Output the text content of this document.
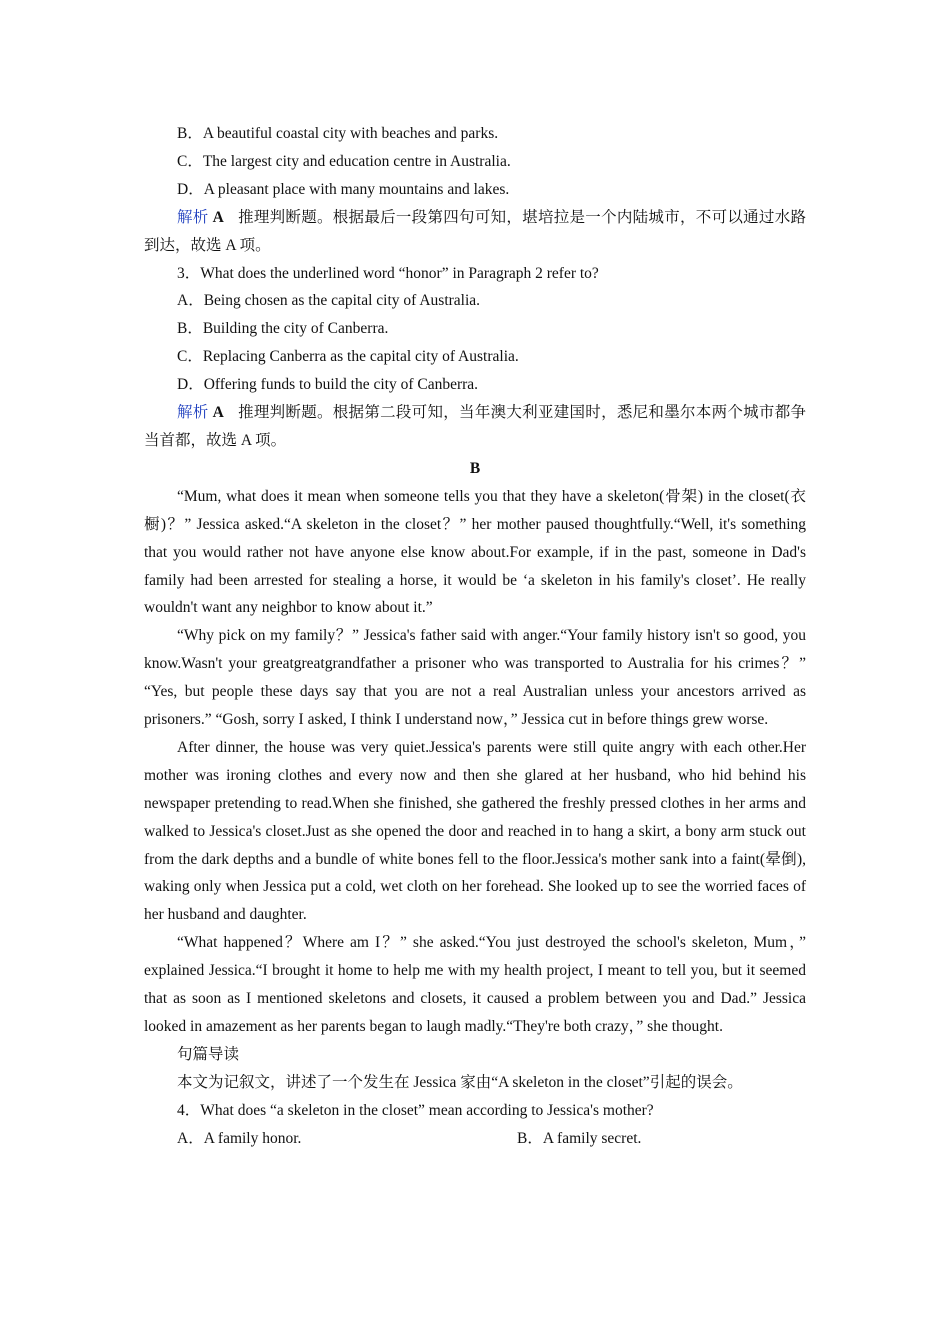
B．A beautiful coastal city with beaches and parks.
C．The largest city and education centre in Australia.
D．A pleasant place with many mountains and lakes.
解析 A 推理判断题。根据最后一段第四句可知，堪培拉是一个内陆城市，不可以通过水路到达，故选 A 项。
3．What does the underlined word “honor” in Paragraph 2 refer to?
A．Being chosen as the capital city of Australia.
B．Building the city of Canberra.
C．Replacing Canberra as the capital city of Australia.
D．Offering funds to build the city of Canberra.
解析 A 推理判断题。根据第二段可知，当年澳大利亚建国时，悉尼和墨尔本两个城市都争当首都，故选 A 项。
B
“Mum, what does it mean when someone tells you that they have a skeleton(骨架) in the closet(衣橱)？” Jessica asked.“A skeleton in the closet？” her mother paused thoughtfully.“Well, it's something that you would rather not have anyone else know about.For example, if in the past, someone in Dad's family had been arrested for stealing a horse, it would be ‘a skeleton in his family's closet’. He really wouldn't want any neighbor to know about it.”
“Why pick on my family？” Jessica's father said with anger.“Your family history isn't so good, you know.Wasn't your greatgreatgrandfather a prisoner who was transported to Australia for his crimes？” “Yes, but people these days say that you are not a real Australian unless your ancestors arrived as prisoners.” “Gosh, sorry I asked, I think I understand now，” Jessica cut in before things grew worse.
After dinner, the house was very quiet.Jessica's parents were still quite angry with each other.Her mother was ironing clothes and every now and then she glared at her husband, who hid behind his newspaper pretending to read.When she finished, she gathered the freshly pressed clothes in her arms and walked to Jessica's closet.Just as she opened the door and reached in to hang a skirt, a bony arm stuck out from the dark depths and a bundle of white bones fell to the floor.Jessica's mother sank into a faint(晕倒), waking only when Jessica put a cold, wet cloth on her forehead. She looked up to see the worried faces of her husband and daughter.
“What happened？Where am I？” she asked.“You just destroyed the school's skeleton, Mum，” explained Jessica.“I brought it home to help me with my health project, I meant to tell you, but it seemed that as soon as I mentioned skeletons and closets, it caused a problem between you and Dad.” Jessica looked in amazement as her parents began to laugh madly.“They're both crazy，” she thought.
句篇导读
本文为记叙文，讲述了一个发生在 Jessica 家由“A skeleton in the closet”引起的误会。
4．What does “a skeleton in the closet” mean according to Jessica's mother?
A．A family honor.	B．A family secret.
